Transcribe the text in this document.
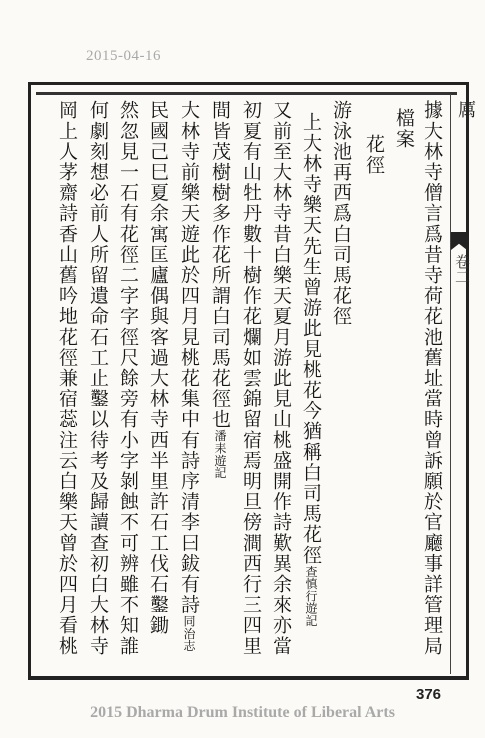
2015-04-16
厲
卷二
據大林寺僧言爲昔寺荷花池舊址當時曾訴願於官廳事詳管理局
檔案
花徑
游泳池再西爲白司馬花徑
上大林寺樂天先生曾游此見桃花今猶稱白司馬花徑查慎行遊記
又前至大林寺昔白樂天夏月游此見山桃盛開作詩歎異余來亦當
初夏有山牡丹數十樹作花爛如雲錦留宿焉明旦傍澗西行三四里
間皆茂樹樹多作花所謂白司馬花徑也潘耒遊記
大林寺前樂天遊此於四月見桃花集中有詩序清李曰鈸有詩同治志
民國己巳夏余寓匡廬偶與客過大林寺西半里許石工伐石鑿鋤
然忽見一石有花徑二字字徑尺餘旁有小字剝蝕不可辨雖不知誰
何劇刻想必前人所留遺命石工止鑿以待考及歸讀查初白大林寺
岡上人茅齋詩香山舊吟地花徑兼宿蕊注云白樂天曾於四月看桃
376
2015 Dharma Drum Institute of Liberal Arts
